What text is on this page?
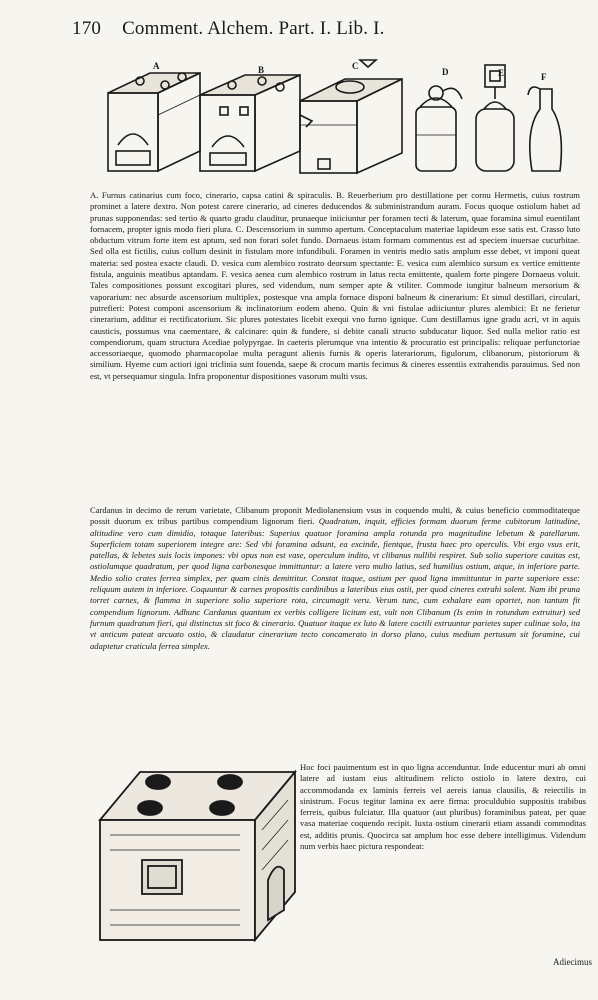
170 Comment. Alchem. Part. I. Lib. I.
A	B	C
D	E	F
A. Furnus catinarius cum foco, cinerario, capsa catini & spiraculis. B. Reuerberium pro destillatione per cornu Hermetis, cuius rostrum prominet a latere dextro. Non potest carere cinerario, ad cineres deducendos & subministrandum auram. Focus quoque ostiolum habet ad prunas supponendas: sed tertio & quarto gradu clauditur, prunaeque iniiciuntur per foramen tecti & laterum, quae foramina simul euentilant fornacem, propter ignis modo fieri plura. C. Descensorium in summo apertum. Conceptaculum materiae lapideum esse satis est. Crasso luto obductum vitrum forte item est aptum, sed non forari solet fundo. Dornaeus istam formam commentus est ad speciem inuersae cucurbitae. Sed olla est fictilis, cuius collum desinit in fistulam more infundibuli. Foramen in ventris medio satis amplum esse debet, vt imponi queat materia: sed postea exacte claudi. D. vesica cum alembico rostrato deorsum spectante: E. vesica cum alembico sursum ex vertice emittente fistula, anguinis meatibus aptandam. F. vesica aenea cum alembico rostrum in latus recta emittente, qualem forte pingere Dornaeus voluit. Tales compositiones possunt excogitari plures, sed videndum, num semper apte & vtiliter. Commode iungitur balneum mersorium & vaporarium: nec absurde ascensorium multiplex, postesque vna ampla fornace disponi balneum & cinerarium: Et simul destillari, circulari, putrefieri: Potest componi ascensorium & inclinatorium eodem aheno. Quin & vni fistulae adiiciuntur plures alembici: Et ne ferietur cinerarium, additur ei rectificatorium. Sic plures potestates licebit exequi vno furno ignique. Cum destillamus igne gradu acri, vt in aquis causticis, possumus vna caementare, & calcinare: quin & fundere, si debite canali structo subducatur liquor. Sed nulla melior ratio est compendiorum, quam structura Acediae polypyrgae. In caeteris plerumque vna intentio & procuratio est principalis: reliquae perfunctoriae accessoriaeque, quomodo pharmacopolae multa peragunt alienis furnis & operis laterariorum, figulorum, clibanorum, pistoriorum & similium. Hyeme cum actiori igni triclinia sunt fouenda, saepe & crocum martis fecimus & cineres essentiis extrahendis parauimus. Sed non est, vt persequamur singula. Infra proponentur dispositiones vasorum multi vsus.
Cardanus in decimo de rerum varietate, Clibanum proponit Mediolanensium vsus in coquendo multi, & cuius beneficio commoditateque possit duorum ex tribus partibus compendium lignorum fieri. Quadratum, inquit, efficies formam duorum ferme cubitorum latitudine, altitudine vero cum dimidio, totaque lateribus: Superius quatuor foramina ampla rotunda pro magnitudine lebetum & patellarum. Superficiem totam superiorem integre are: Sed vbi foramina adsunt, ea excinde, fientque, frusta haec pro operculis. Vbi ergo vsus erit, patellas, & lebetes suis locis impones: vbi opus non est vase, operculum indito, vt clibanus nullibi respiret. Sub solio superiore cauitas est, ostiolumque quadratum, per quod ligna carbonesque immittuntur: a latere vero multo latius, sed humilius ostium, atque, in inferiore parte. Medio solio crates ferrea simplex, per quam cinis demittitur. Constat itaque, ostium per quod ligna immittuntur in parte superiore esse: reliquum autem in inferiore. Coquuntur & carnes propositis cardinibus a lateribus eius ostii, per quod cineres extrahi solent. Nam ibi pruna torret carnes, & flamma in superiore solio superiore rota, circumagit veru. Verum tunc, cum exhalare eam oportet, non tantum fit compendium lignorum. Adhunc Cardanus quantum ex verbis colligere licitum est, vult non Clibanum (Is enim in rotundum extruitur) sed furnum quadratum fieri, qui distinctus sit foco & cinerario. Quatuor itaque ex luto & latere coctili extruuntur parietes super culinae solo, ita vt anticum pateat arcuato ostio, & claudatur cinerarium tecto concamerato in dorso plano, cuius medium pertusum sit foramine, cui adaptetur craticula ferrea simplex.
Hoc foci pauimentum est in quo ligna accenduntur. Inde educentur muri ab omni latere ad iustam eius altitudinem relicto ostiolo in latere dextro, cui accommodanda ex laminis ferreis vel aereis ianua clausilis, & reiectilis in sinistrum. Focus tegitur lamina ex aere firma: proculdubio suppositis trabibus ferreis, quibus fulciatur. Illa quatuor (aut pluribus) foraminibus pateat, per quae vasa materiae coquendo recipit. Iuxta ostium cinerarii etiam assandi commoditas est, additis prunis. Quocirca sat amplum hoc esse debere intelligimus. Videndum num verbis haec pictura respondeat:
Adiecimus
